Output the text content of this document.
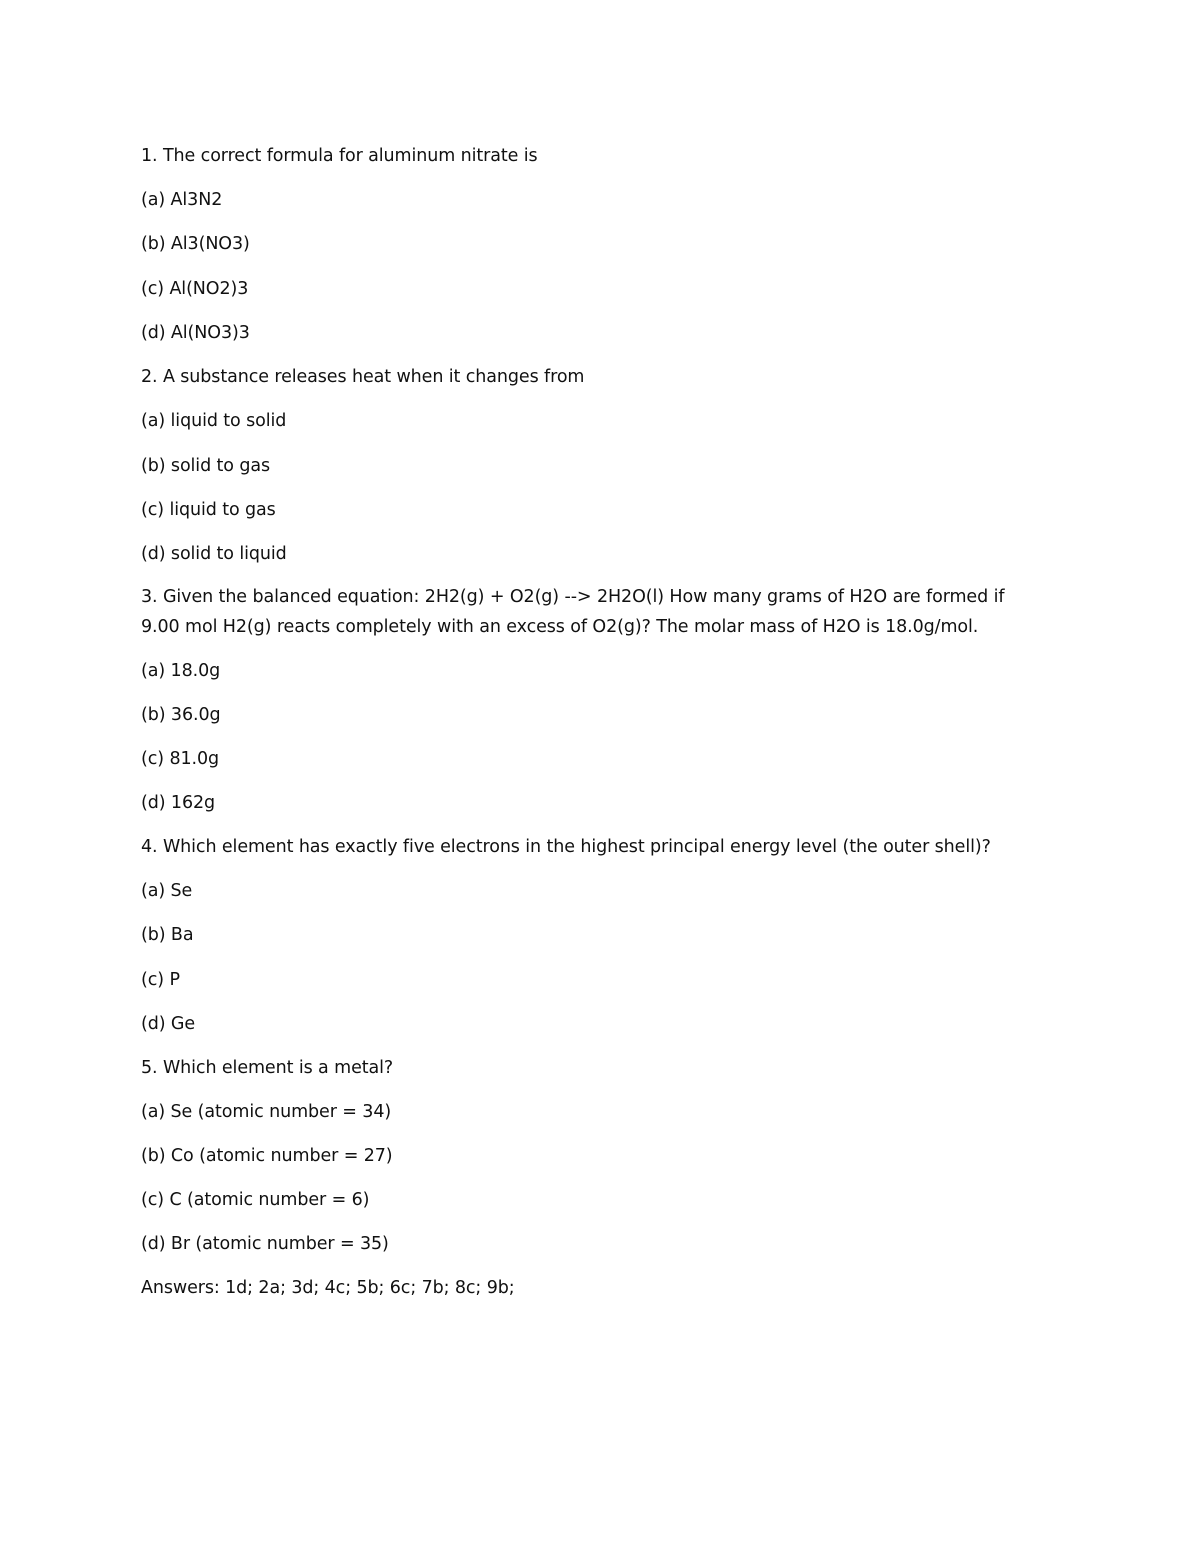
1. The correct formula for aluminum nitrate is
(a) Al3N2
(b) Al3(NO3)
(c) Al(NO2)3
(d) Al(NO3)3
2. A substance releases heat when it changes from
(a) liquid to solid
(b) solid to gas
(c) liquid to gas
(d) solid to liquid
3. Given the balanced equation: 2H2(g) + O2(g) --> 2H2O(l) How many grams of H2O are formed if 9.00 mol H2(g) reacts completely with an excess of O2(g)? The molar mass of H2O is 18.0g/mol.
(a) 18.0g
(b) 36.0g
(c) 81.0g
(d) 162g
4. Which element has exactly five electrons in the highest principal energy level (the outer shell)?
(a) Se
(b) Ba
(c) P
(d) Ge
5. Which element is a metal?
(a) Se (atomic number = 34)
(b) Co (atomic number = 27)
(c) C (atomic number = 6)
(d) Br (atomic number = 35)
Answers: 1d; 2a; 3d; 4c; 5b; 6c; 7b; 8c; 9b;
